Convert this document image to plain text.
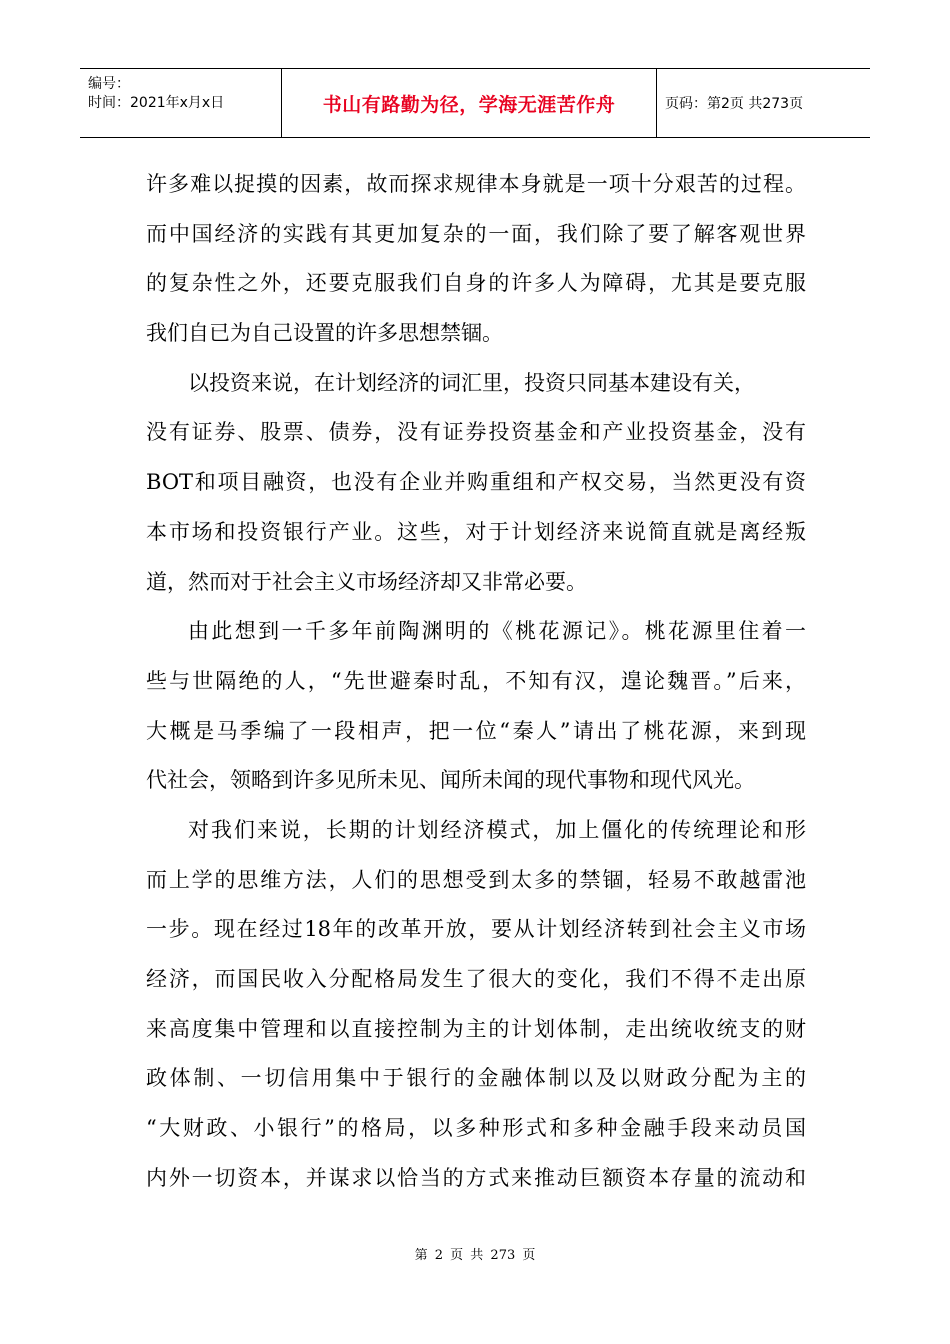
编号：
时间：2021年x月x日	书山有路勤为径，学海无涯苦作舟	页码：第2页 共273页
许多难以捉摸的因素，故而探求规律本身就是一项十分艰苦的过程。
而中国经济的实践有其更加复杂的一面，我们除了要了解客观世界
的复杂性之外，还要克服我们自身的许多人为障碍，尤其是要克服
我们自已为自己设置的许多思想禁锢。
以投资来说，在计划经济的词汇里，投资只同基本建设有关，
没有证券、股票、债券，没有证券投资基金和产业投资基金，没有
BOT和项目融资，也没有企业并购重组和产权交易，当然更没有资
本市场和投资银行产业。这些，对于计划经济来说简直就是离经叛
道，然而对于社会主义市场经济却又非常必要。
由此想到一千多年前陶渊明的《桃花源记》。桃花源里住着一
些与世隔绝的人，“先世避秦时乱，不知有汉，遑论魏晋。”后来，
大概是马季编了一段相声，把一位“秦人”请出了桃花源，来到现
代社会，领略到许多见所未见、闻所未闻的现代事物和现代风光。
对我们来说，长期的计划经济模式，加上僵化的传统理论和形
而上学的思维方法，人们的思想受到太多的禁锢，轻易不敢越雷池
一步。现在经过18年的改革开放，要从计划经济转到社会主义市场
经济，而国民收入分配格局发生了很大的变化，我们不得不走出原
来高度集中管理和以直接控制为主的计划体制，走出统收统支的财
政体制、一切信用集中于银行的金融体制以及以财政分配为主的
“大财政、小银行”的格局，以多种形式和多种金融手段来动员国
内外一切资本，并谋求以恰当的方式来推动巨额资本存量的流动和
第 2 页 共 273 页
